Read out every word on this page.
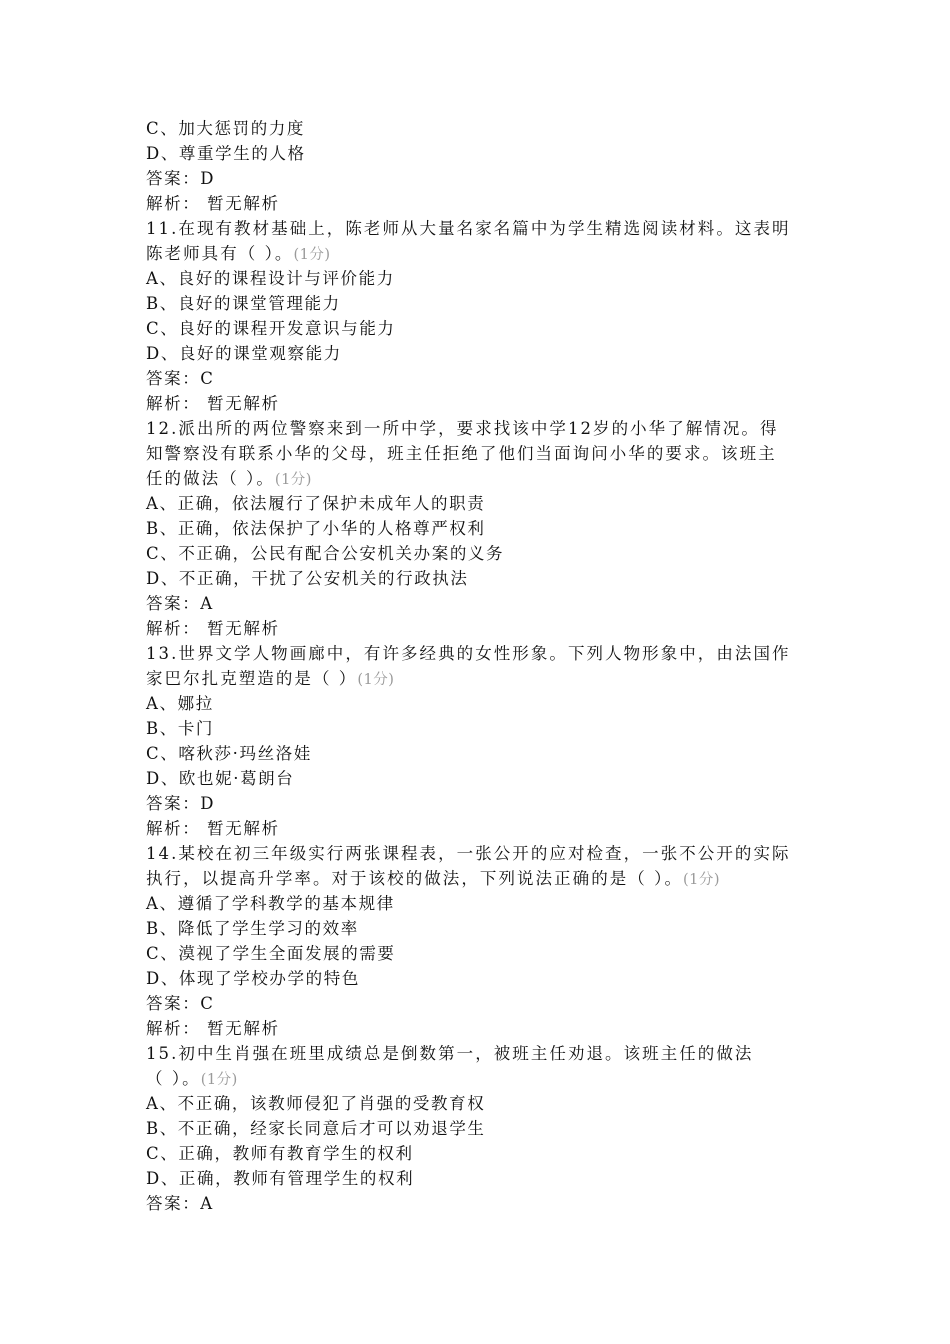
C、加大惩罚的力度
D、尊重学生的人格
答案：D
解析： 暂无解析
11.在现有教材基础上，陈老师从大量名家名篇中为学生精选阅读材料。这表明
陈老师具有（ ）。(1分)
A、良好的课程设计与评价能力
B、良好的课堂管理能力
C、良好的课程开发意识与能力
D、良好的课堂观察能力
答案：C
解析： 暂无解析
12.派出所的两位警察来到一所中学，要求找该中学12岁的小华了解情况。得
知警察没有联系小华的父母，班主任拒绝了他们当面询问小华的要求。该班主
任的做法（ ）。(1分)
A、正确，依法履行了保护未成年人的职责
B、正确，依法保护了小华的人格尊严权利
C、不正确，公民有配合公安机关办案的义务
D、不正确，干扰了公安机关的行政执法
答案：A
解析： 暂无解析
13.世界文学人物画廊中，有许多经典的女性形象。下列人物形象中，由法国作
家巴尔扎克塑造的是（ ）(1分)
A、娜拉
B、卡门
C、喀秋莎·玛丝洛娃
D、欧也妮·葛朗台
答案：D
解析： 暂无解析
14.某校在初三年级实行两张课程表，一张公开的应对检查，一张不公开的实际
执行，以提高升学率。对于该校的做法，下列说法正确的是（ ）。(1分)
A、遵循了学科教学的基本规律
B、降低了学生学习的效率
C、漠视了学生全面发展的需要
D、体现了学校办学的特色
答案：C
解析： 暂无解析
15.初中生肖强在班里成绩总是倒数第一，被班主任劝退。该班主任的做法
（ ）。(1分)
A、不正确，该教师侵犯了肖强的受教育权
B、不正确，经家长同意后才可以劝退学生
C、正确，教师有教育学生的权利
D、正确，教师有管理学生的权利
答案：A
